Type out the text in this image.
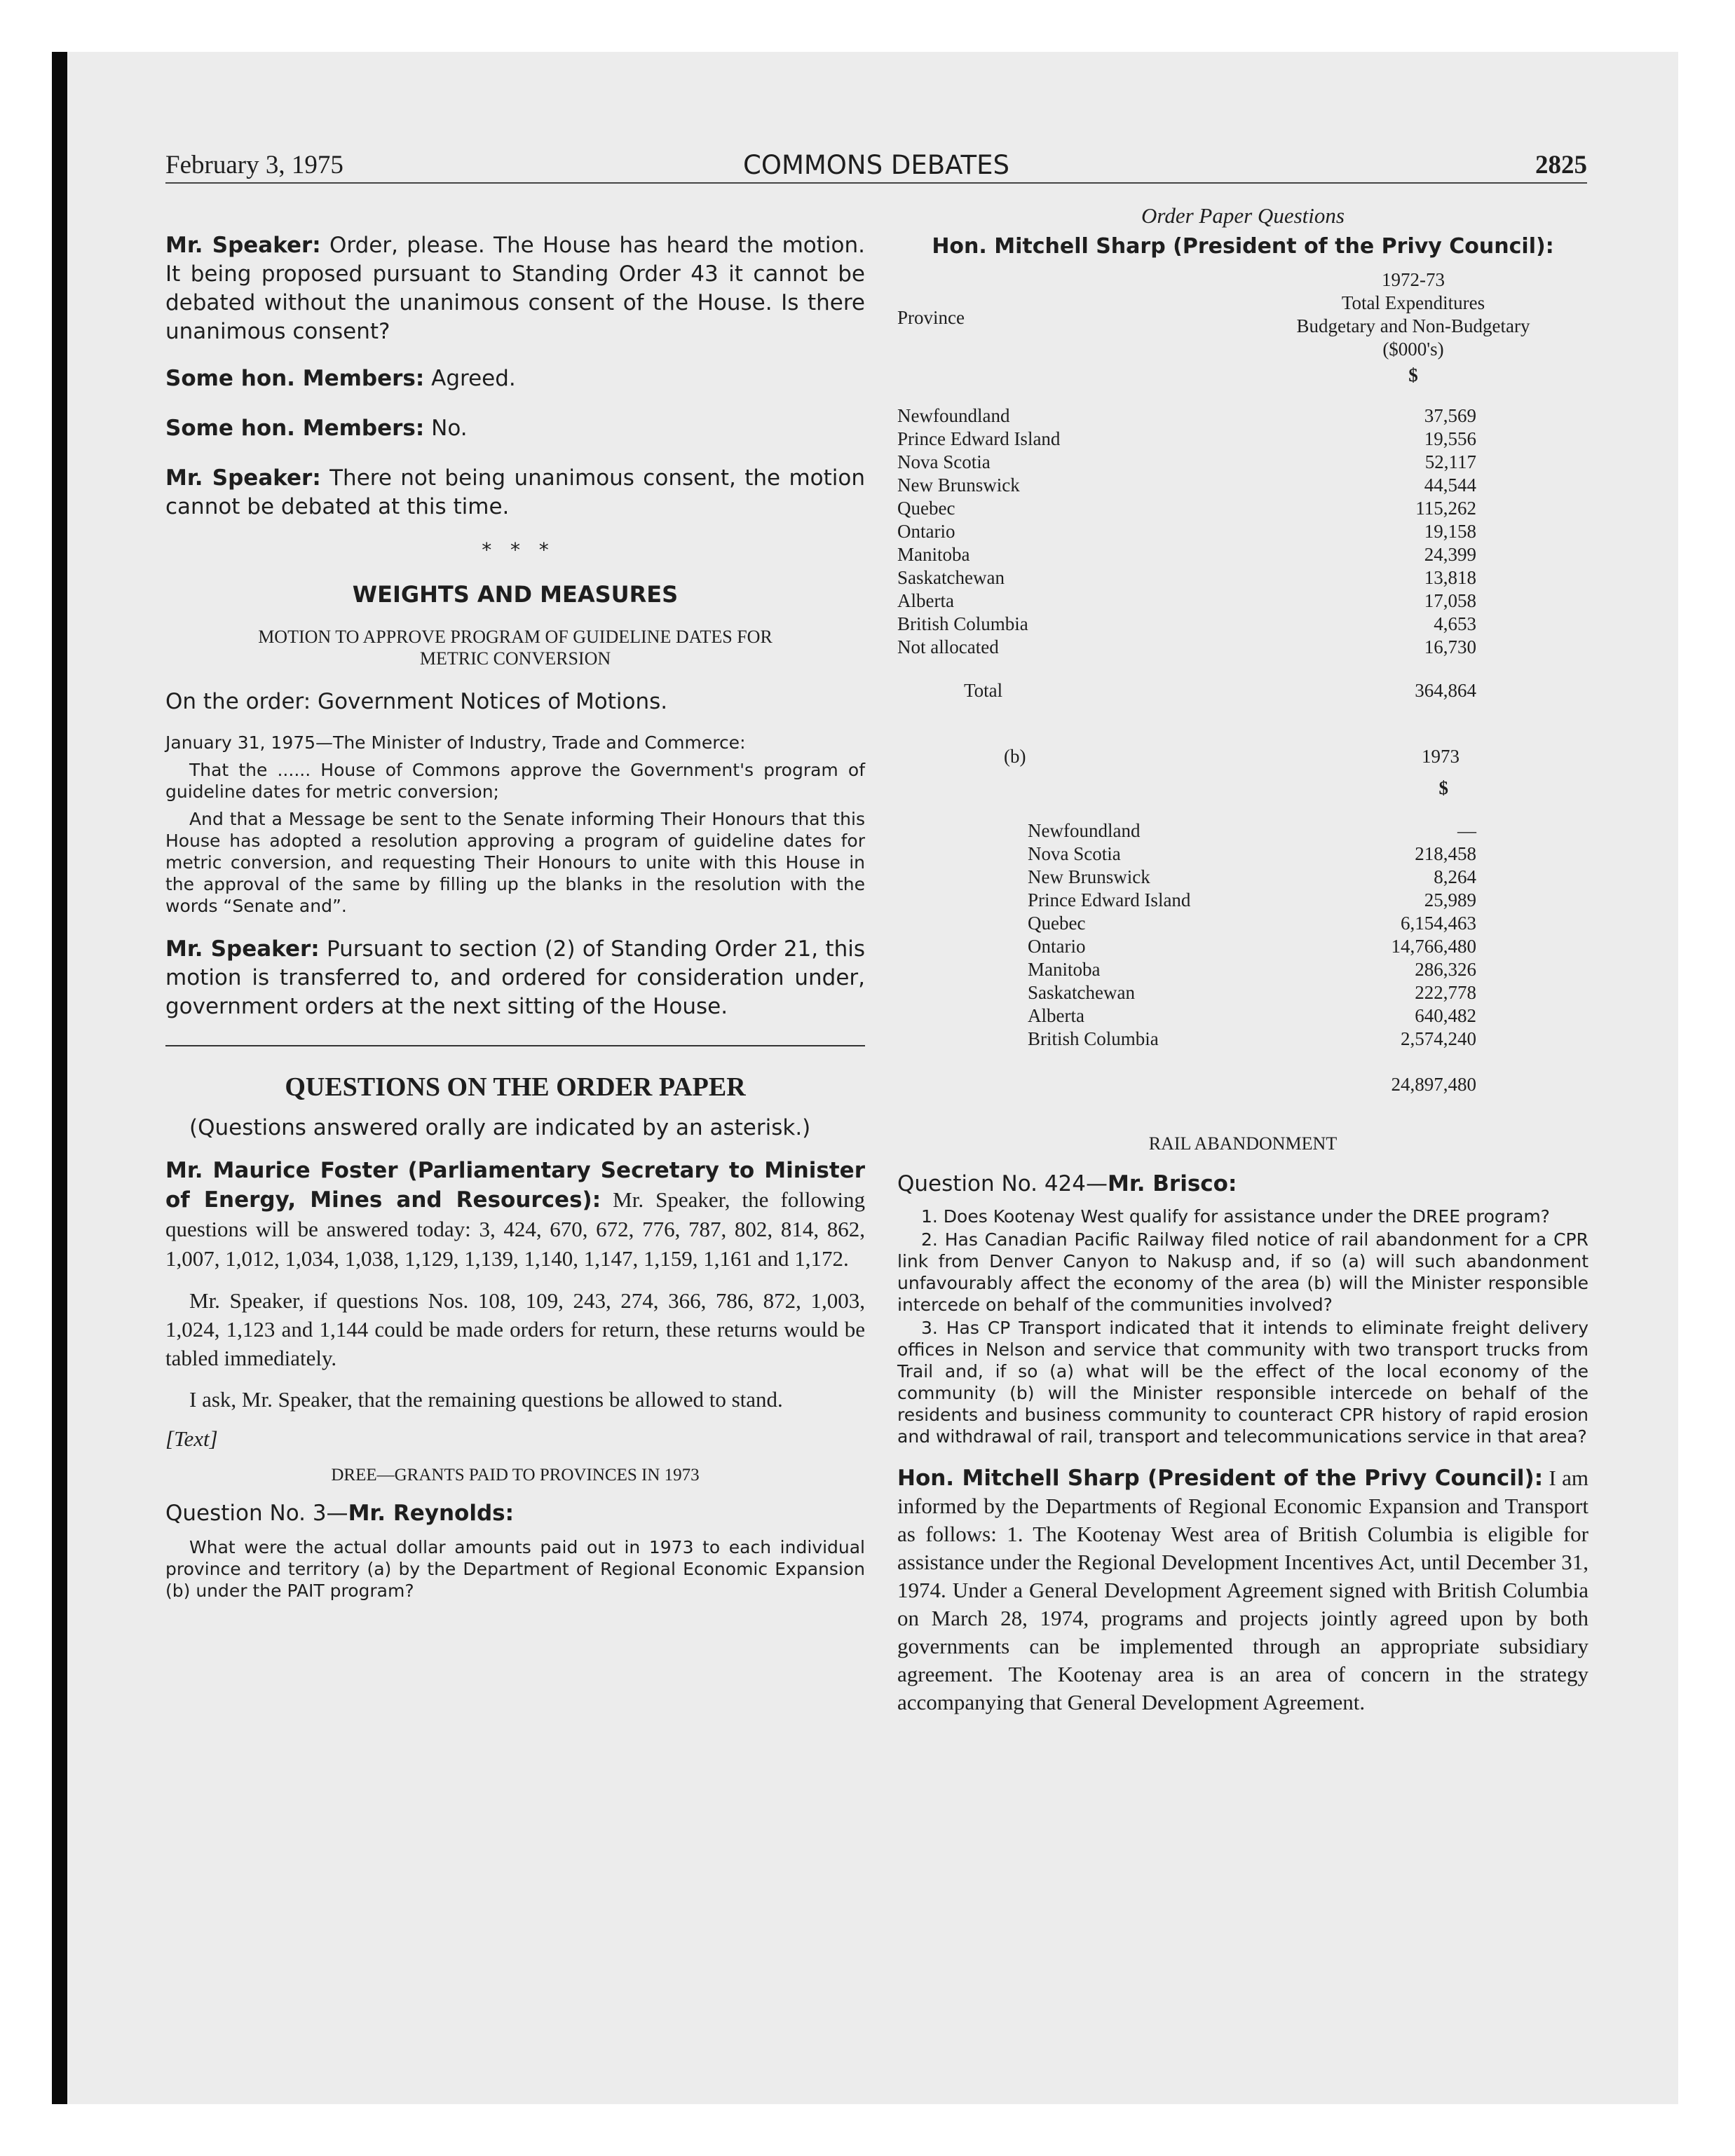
February 3, 1975	COMMONS DEBATES	2825

Mr. Speaker: Order, please. The House has heard the motion. It being proposed pursuant to Standing Order 43 it cannot be debated without the unanimous consent of the House. Is there unanimous consent?

Some hon. Members: Agreed.

Some hon. Members: No.

Mr. Speaker: There not being unanimous consent, the motion cannot be debated at this time.

*   *   *
WEIGHTS AND MEASURES
MOTION TO APPROVE PROGRAM OF GUIDELINE DATES FOR METRIC CONVERSION

On the order: Government Notices of Motions.

January 31, 1975—The Minister of Industry, Trade and Commerce:

That the ...... House of Commons approve the Government's program of guideline dates for metric conversion;

And that a Message be sent to the Senate informing Their Honours that this House has adopted a resolution approving a program of guideline dates for metric conversion, and requesting Their Honours to unite with this House in the approval of the same by filling up the blanks in the resolution with the words “Senate and”.

Mr. Speaker: Pursuant to section (2) of Standing Order 21, this motion is transferred to, and ordered for consideration under, government orders at the next sitting of the House.

QUESTIONS ON THE ORDER PAPER

(Questions answered orally are indicated by an asterisk.)

Mr. Maurice Foster (Parliamentary Secretary to Minister of Energy, Mines and Resources): Mr. Speaker, the following questions will be answered today: 3, 424, 670, 672, 776, 787, 802, 814, 862, 1,007, 1,012, 1,034, 1,038, 1,129, 1,139, 1,140, 1,147, 1,159, 1,161 and 1,172.

Mr. Speaker, if questions Nos. 108, 109, 243, 274, 366, 786, 872, 1,003, 1,024, 1,123 and 1,144 could be made orders for return, these returns would be tabled immediately.

I ask, Mr. Speaker, that the remaining questions be allowed to stand.

[Text]
DREE—GRANTS PAID TO PROVINCES IN 1973

Question No. 3—Mr. Reynolds:

What were the actual dollar amounts paid out in 1973 to each individual province and territory (a) by the Department of Regional Economic Expansion (b) under the PAIT program?

Order Paper Questions
Hon. Mitchell Sharp (President of the Privy Council):
Province
1972-73
Total Expenditures
Budgetary and Non-Budgetary
($000's)
$
Newfoundland	37,569
Prince Edward Island	19,556
Nova Scotia	52,117
New Brunswick	44,544
Quebec	115,262
Ontario	19,158
Manitoba	24,399
Saskatchewan	13,818
Alberta	17,058
British Columbia	4,653
Not allocated	16,730
Total	364,864
(b)	1973
$
Newfoundland	—
Nova Scotia	218,458
New Brunswick	8,264
Prince Edward Island	25,989
Quebec	6,154,463
Ontario	14,766,480
Manitoba	286,326
Saskatchewan	222,778
Alberta	640,482
British Columbia	2,574,240
24,897,480
RAIL ABANDONMENT

Question No. 424—Mr. Brisco:

1. Does Kootenay West qualify for assistance under the DREE program?

2. Has Canadian Pacific Railway filed notice of rail abandonment for a CPR link from Denver Canyon to Nakusp and, if so (a) will such abandonment unfavourably affect the economy of the area (b) will the Minister responsible intercede on behalf of the communities involved?

3. Has CP Transport indicated that it intends to eliminate freight delivery offices in Nelson and service that community with two transport trucks from Trail and, if so (a) what will be the effect of the local economy of the community (b) will the Minister responsible intercede on behalf of the residents and business community to counteract CPR history of rapid erosion and withdrawal of rail, transport and telecommunications service in that area?

Hon. Mitchell Sharp (President of the Privy Council): I am informed by the Departments of Regional Economic Expansion and Transport as follows: 1. The Kootenay West area of British Columbia is eligible for assistance under the Regional Development Incentives Act, until December 31, 1974. Under a General Development Agreement signed with British Columbia on March 28, 1974, programs and projects jointly agreed upon by both governments can be implemented through an appropriate subsidiary agreement. The Kootenay area is an area of concern in the strategy accompanying that General Development Agreement.
